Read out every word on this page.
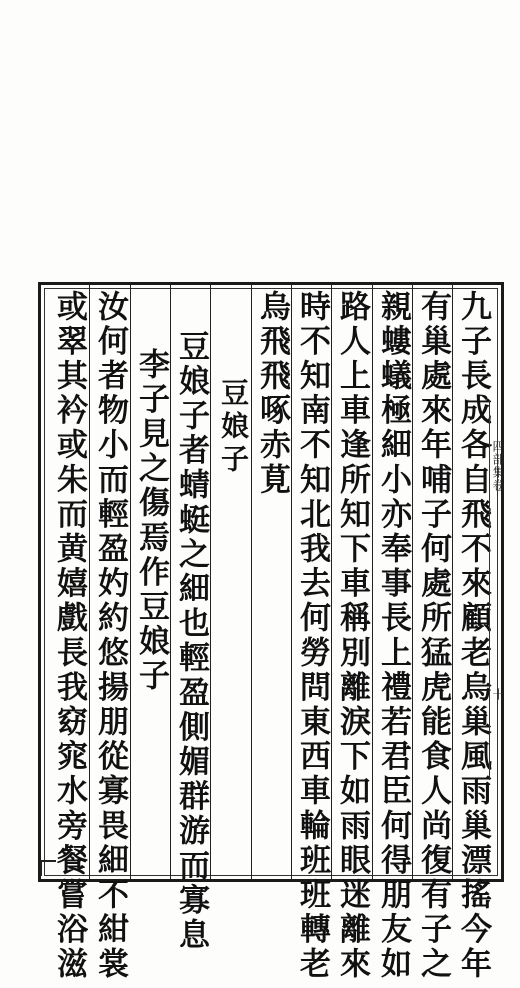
九子長成各自飛不來顧老烏巢風雨巢漂搖今年
有巢處來年哺子何處所猛虎能食人尚復有子之
親螻蟻極細小亦奉事長上禮若君臣何得朋友如
路人上車逢所知下車稱別離淚下如雨眼迷離來
時不知南不知北我去何勞問東西車輪班班轉老
烏飛飛啄赤莧
豆娘子
豆娘子者蜻蜓之細也輕盈側媚群游而寡息
李子見之傷焉作豆娘子
汝何者物小而輕盈妁約悠揚朋從寡畏細不紺裳
或翠其衿或朱而黄嬉戲長我窈窕水旁餐嘗浴滋	四部集卷
十
